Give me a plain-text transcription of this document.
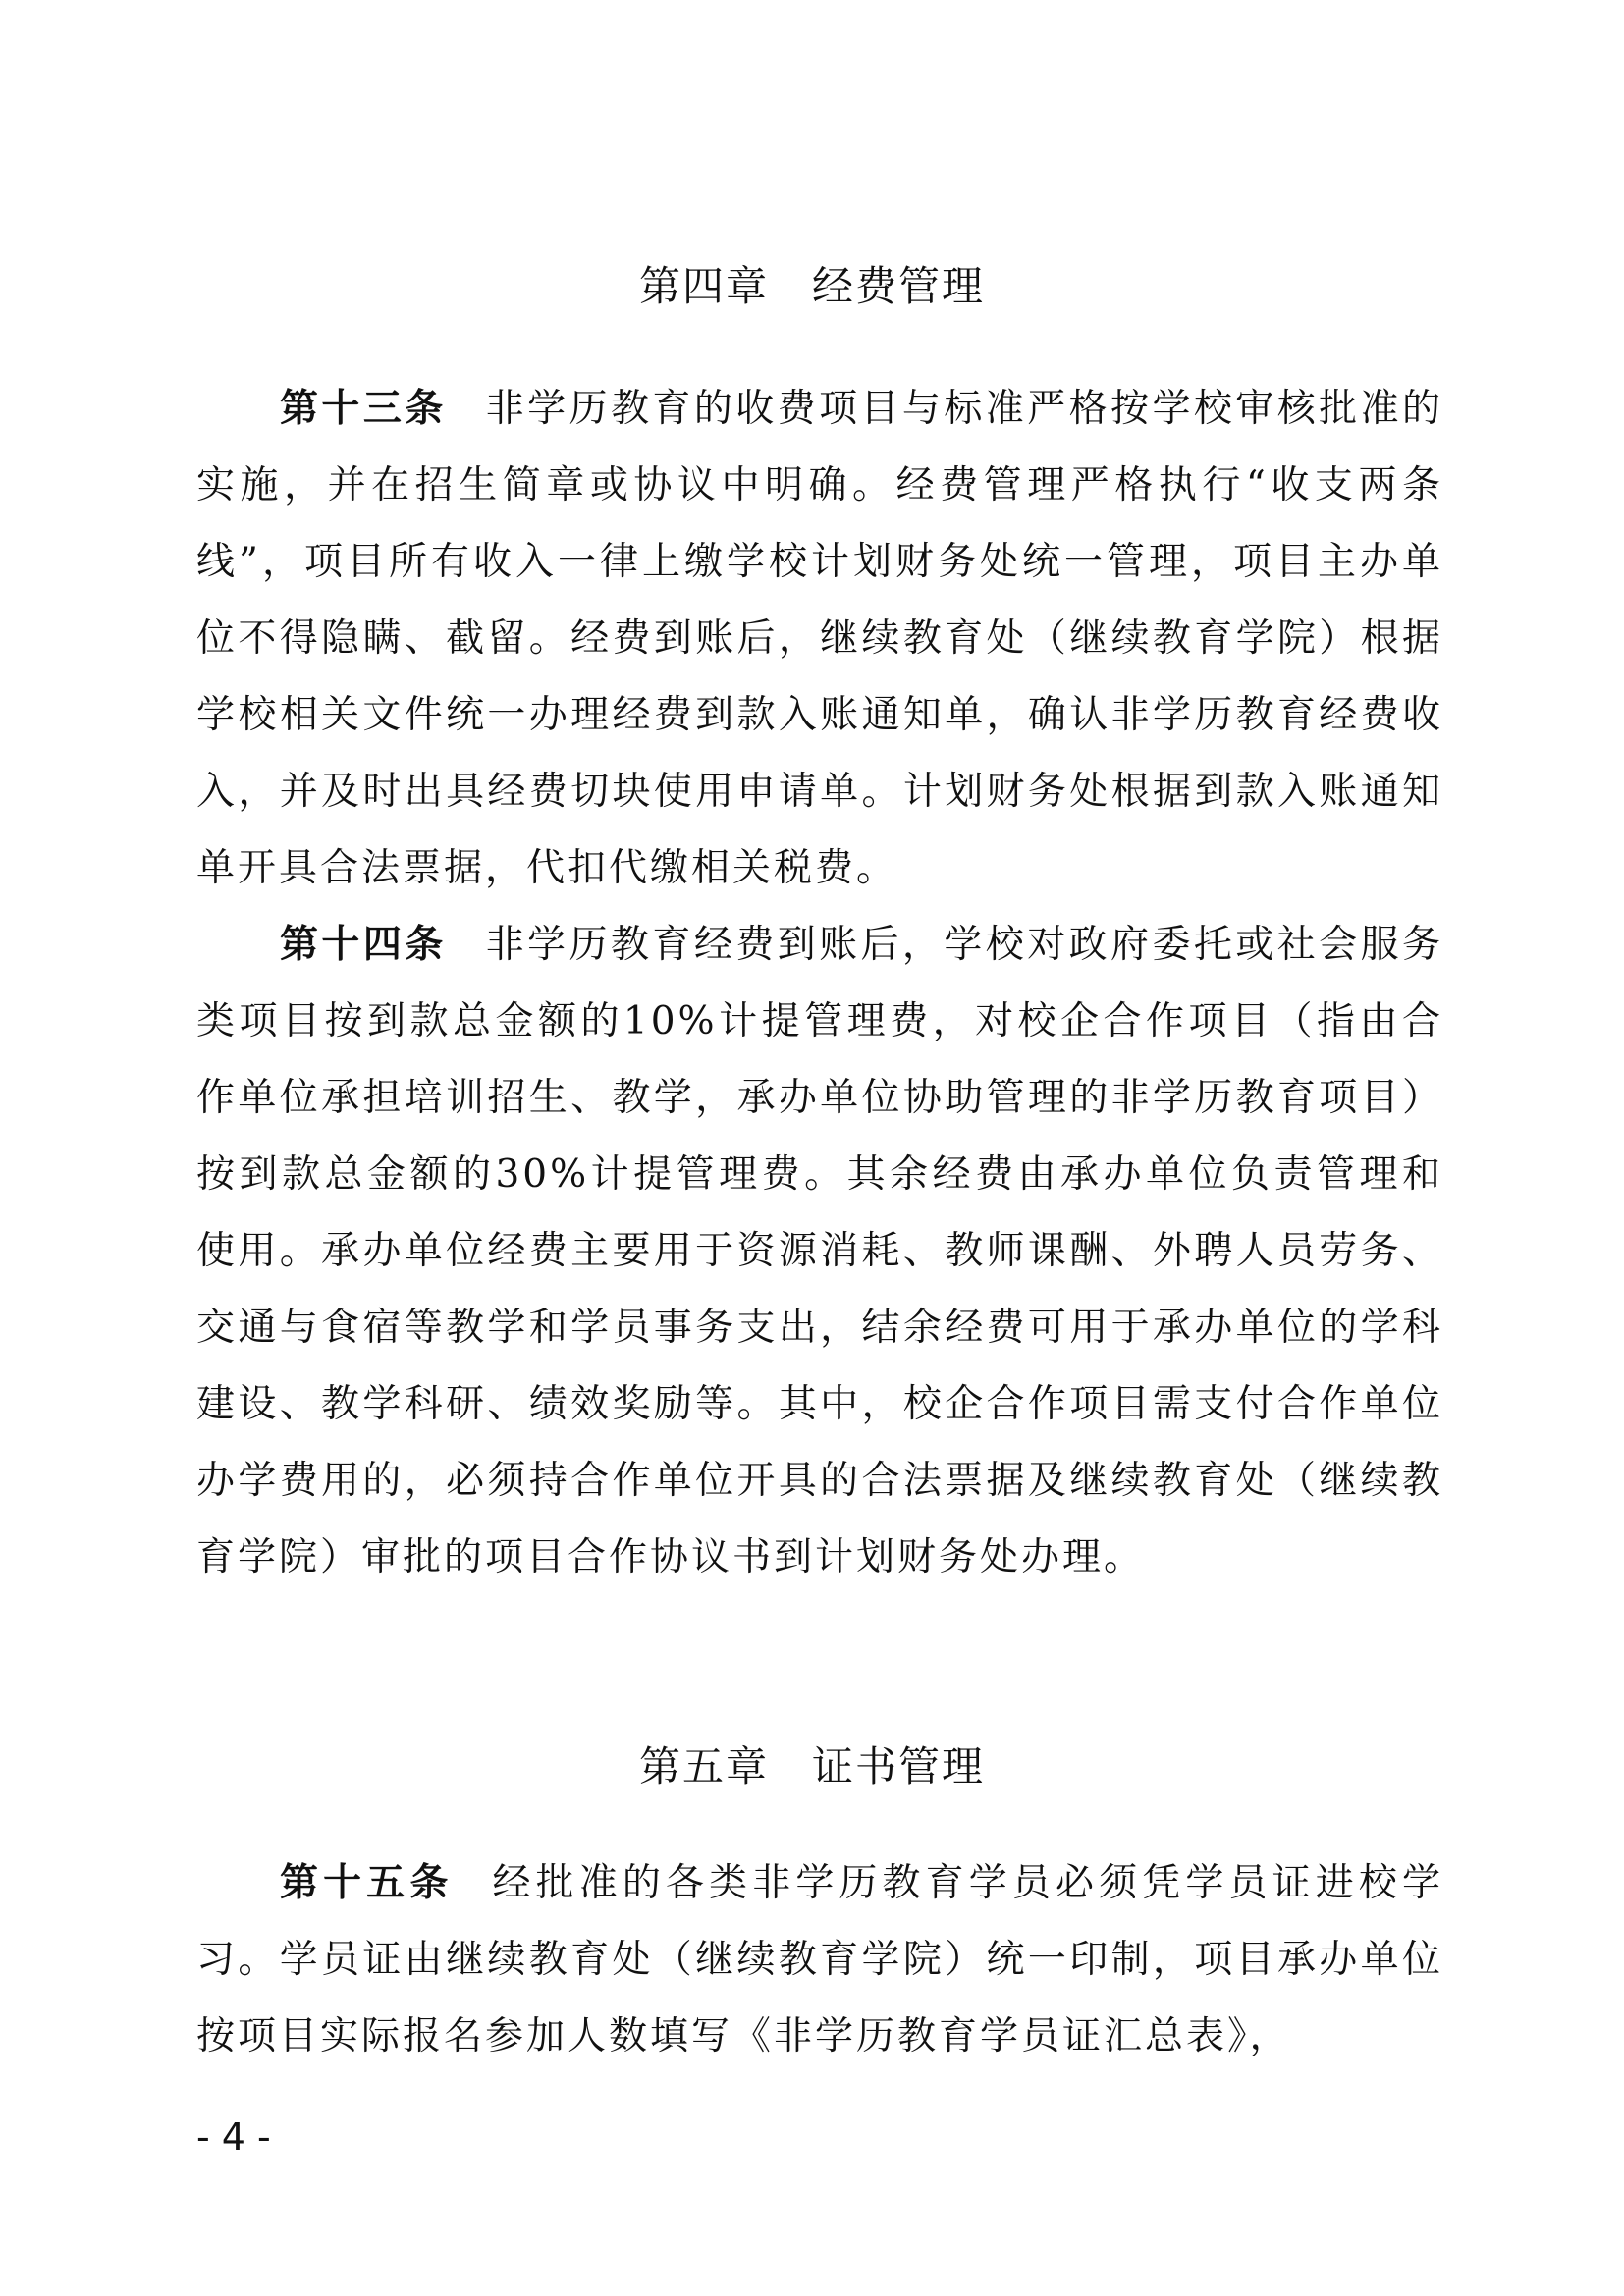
第四章　经费管理

第十三条 非学历教育的收费项目与标准严格按学校审核批准的实施，并在招生简章或协议中明确。经费管理严格执行“收支两条线”，项目所有收入一律上缴学校计划财务处统一管理，项目主办单位不得隐瞒、截留。经费到账后，继续教育处（继续教育学院）根据学校相关文件统一办理经费到款入账通知单，确认非学历教育经费收入，并及时出具经费切块使用申请单。计划财务处根据到款入账通知单开具合法票据，代扣代缴相关税费。

第十四条 非学历教育经费到账后，学校对政府委托或社会服务类项目按到款总金额的10%计提管理费，对校企合作项目（指由合作单位承担培训招生、教学，承办单位协助管理的非学历教育项目）按到款总金额的30%计提管理费。其余经费由承办单位负责管理和使用。承办单位经费主要用于资源消耗、教师课酬、外聘人员劳务、交通与食宿等教学和学员事务支出，结余经费可用于承办单位的学科建设、教学科研、绩效奖励等。其中，校企合作项目需支付合作单位办学费用的，必须持合作单位开具的合法票据及继续教育处（继续教育学院）审批的项目合作协议书到计划财务处办理。

第五章　证书管理

第十五条 经批准的各类非学历教育学员必须凭学员证进校学习。学员证由继续教育处（继续教育学院）统一印制，项目承办单位按项目实际报名参加人数填写《非学历教育学员证汇总表》，

- 4 -
